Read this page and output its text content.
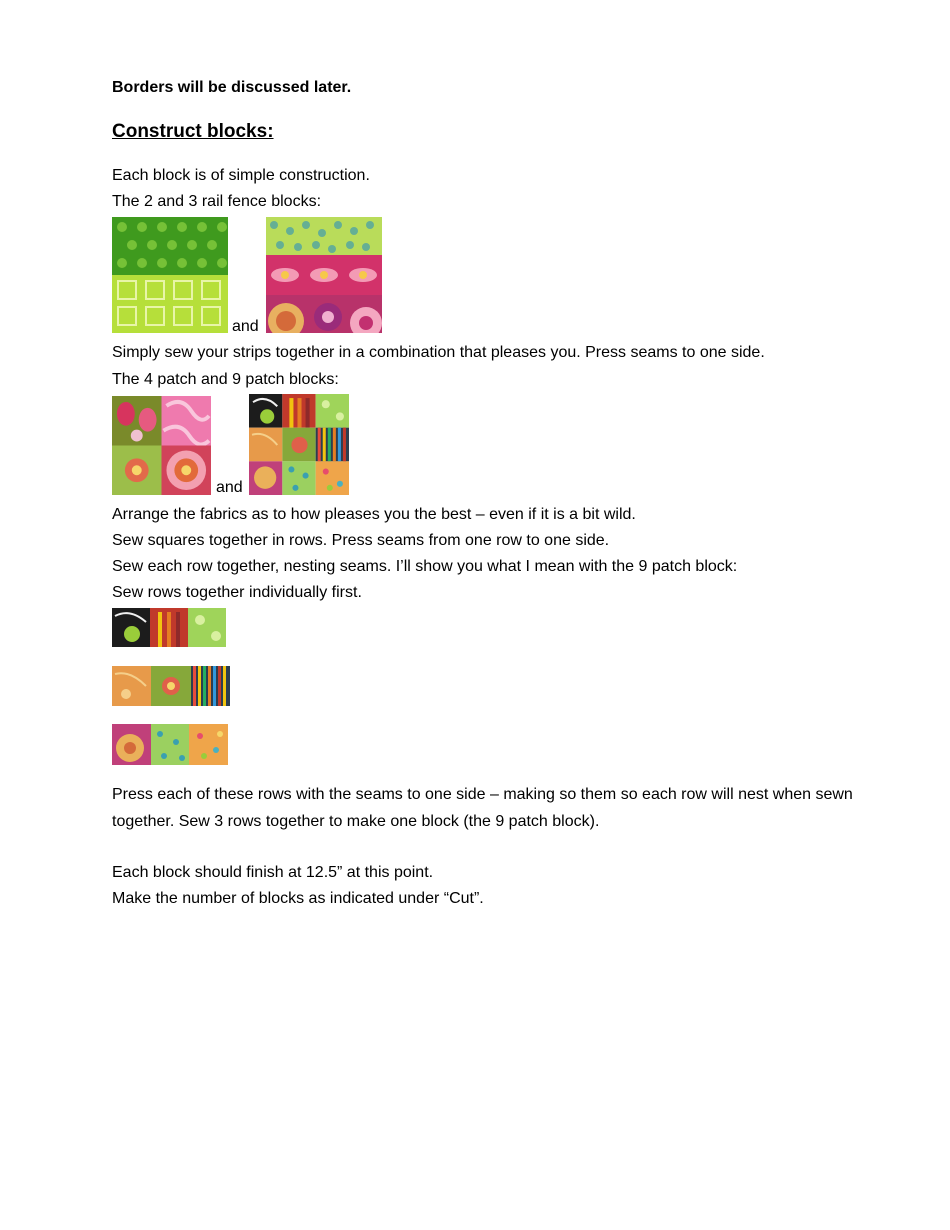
Borders will be discussed later.
Construct blocks:
Each block is of simple construction.
The 2 and 3 rail fence blocks:
and
Simply sew your strips together in a combination that pleases you. Press seams to one side.
The 4 patch and 9 patch blocks:
and
Arrange the fabrics as to how pleases you the best – even if it is a bit wild.
Sew squares together in rows. Press seams from one row to one side.
Sew each row together, nesting seams. I’ll show you what I mean with the 9 patch block:
Sew rows together individually first.
Press each of these rows with the seams to one side – making so them so each row will nest when sewn
together. Sew 3 rows together to make one block (the 9 patch block).
Each block should finish at 12.5” at this point.
Make the number of blocks as indicated under “Cut”.
